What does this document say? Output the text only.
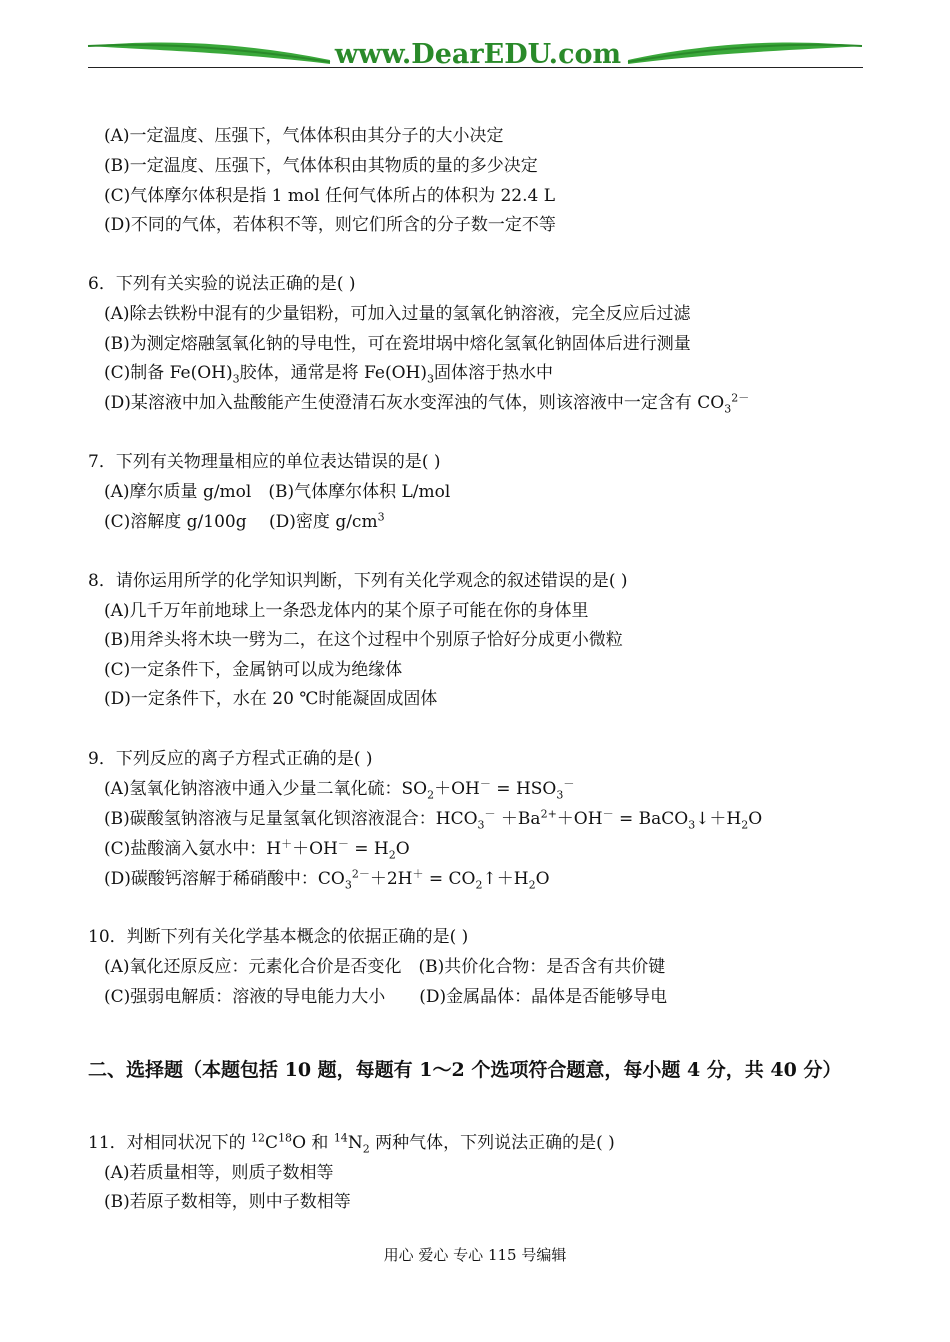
www.DearEDU.com
(A)一定温度、压强下，气体体积由其分子的大小决定
(B)一定温度、压强下，气体体积由其物质的量的多少决定
(C)气体摩尔体积是指 1 mol 任何气体所占的体积为 22.4 L
(D)不同的气体，若体积不等，则它们所含的分子数一定不等
6．下列有关实验的说法正确的是( )
(A)除去铁粉中混有的少量铝粉，可加入过量的氢氧化钠溶液，完全反应后过滤
(B)为测定熔融氢氧化钠的导电性，可在瓷坩埚中熔化氢氧化钠固体后进行测量
(C)制备 $Fe(OH)_3$胶体，通常是将 $Fe(OH)_3$固体溶于热水中
(D)某溶液中加入盐酸能产生使澄清石灰水变浑浊的气体，则该溶液中一定含有 $CO_3^{2-}$
7．下列有关物理量相应的单位表达错误的是( )
(A)摩尔质量 g/mol　(B)气体摩尔体积 L/mol
(C)溶解度 g/100g　 (D)密度 $g/cm^3$
8．请你运用所学的化学知识判断，下列有关化学观念的叙述错误的是( )
(A)几千万年前地球上一条恐龙体内的某个原子可能在你的身体里
(B)用斧头将木块一劈为二，在这个过程中个别原子恰好分成更小微粒
(C)一定条件下，金属钠可以成为绝缘体
(D)一定条件下，水在 20 ℃时能凝固成固体
9．下列反应的离子方程式正确的是( )
(A)氢氧化钠溶液中通入少量二氧化硫：$SO_2+OH^- = HSO_3^-$
(B)碳酸氢钠溶液与足量氢氧化钡溶液混合：$HCO_3^- +Ba^{2+}+OH^-$ = $BaCO_3↓+H_2O$
(C)盐酸滴入氨水中：$H^++OH^- = H_2O$
(D)碳酸钙溶解于稀硝酸中：$CO_3^{2-}+2H^+$ = $CO_2↑+H_2O$
10．判断下列有关化学基本概念的依据正确的是( )
(A)氧化还原反应：元素化合价是否变化　(B)共价化合物：是否含有共价键
(C)强弱电解质：溶液的导电能力大小　　(D)金属晶体：晶体是否能够导电
二、选择题（本题包括 10 题，每题有 1～2 个选项符合题意，每小题 4 分，共 40 分）
11．对相同状况下的 $^{12}C^{18}O$ 和 $^{14}N_2$ 两种气体，下列说法正确的是( )
(A)若质量相等，则质子数相等
(B)若原子数相等，则中子数相等
用心 爱心 专心 115 号编辑
